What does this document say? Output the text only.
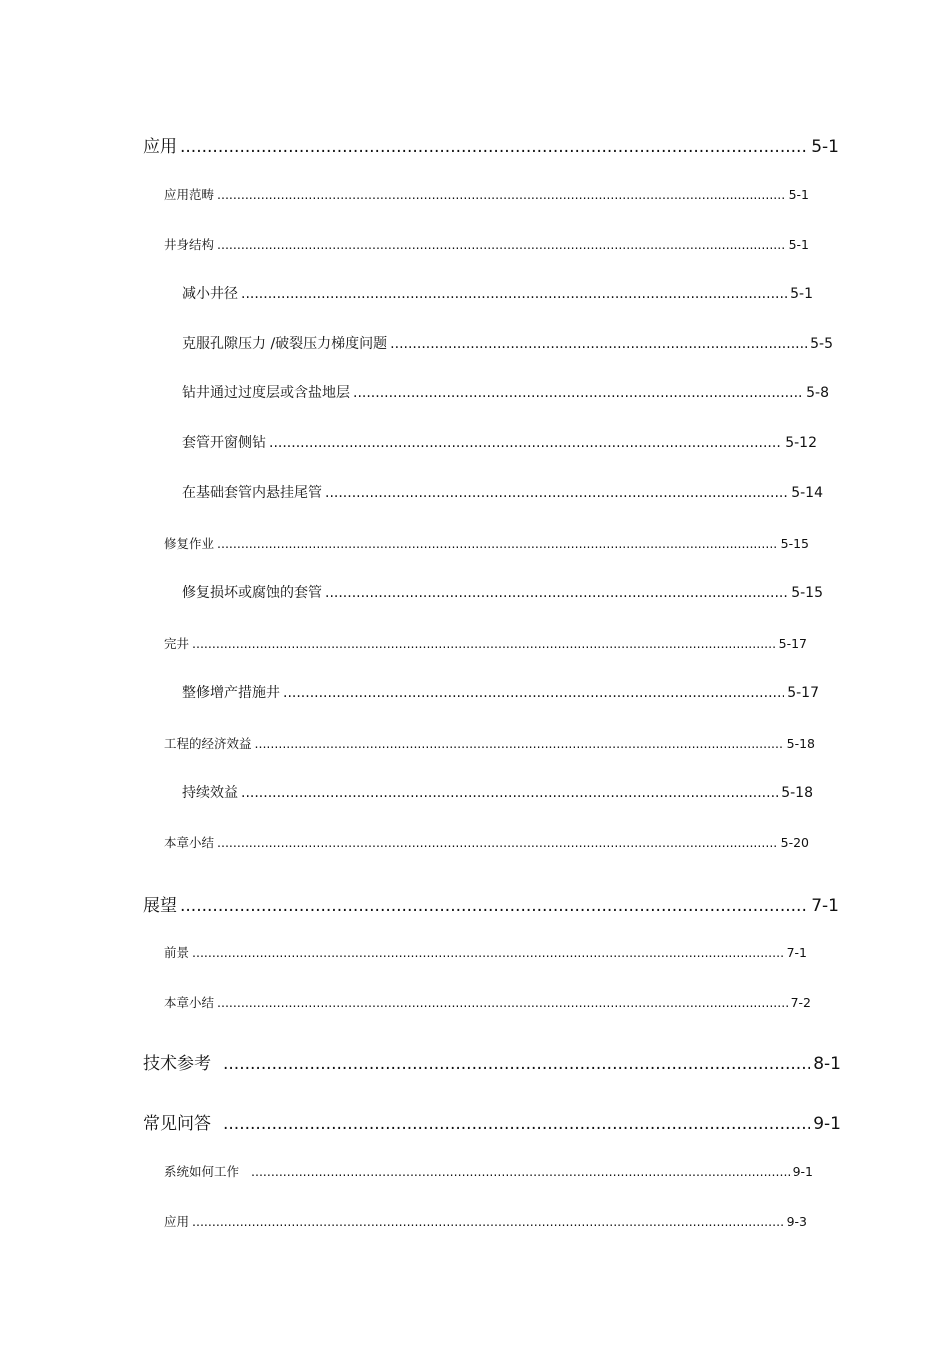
应用 .....	5-1
应用范畴 .....	5-1
井身结构 .....	5-1
减小井径 .....	5-1
克服孔隙压力 /破裂压力梯度问题 .....	5-5
钻井通过过度层或含盐地层 .....	5-8
套管开窗侧钻 .....	5-12
在基础套管内悬挂尾管 .....	5-14
修复作业 .....	5-15
修复损坏或腐蚀的套管 .....	5-15
完井 .....	5-17
整修增产措施井 .....	5-17
工程的经济效益 .....	5-18
持续效益 .....	5-18
本章小结 .....	5-20
展望 .....	7-1
前景 .....	7-1
本章小结 .....	7-2
技术参考 .....	8-1
常见问答 .....	9-1
系统如何工作 .....	9-1
应用 .....	9-3
